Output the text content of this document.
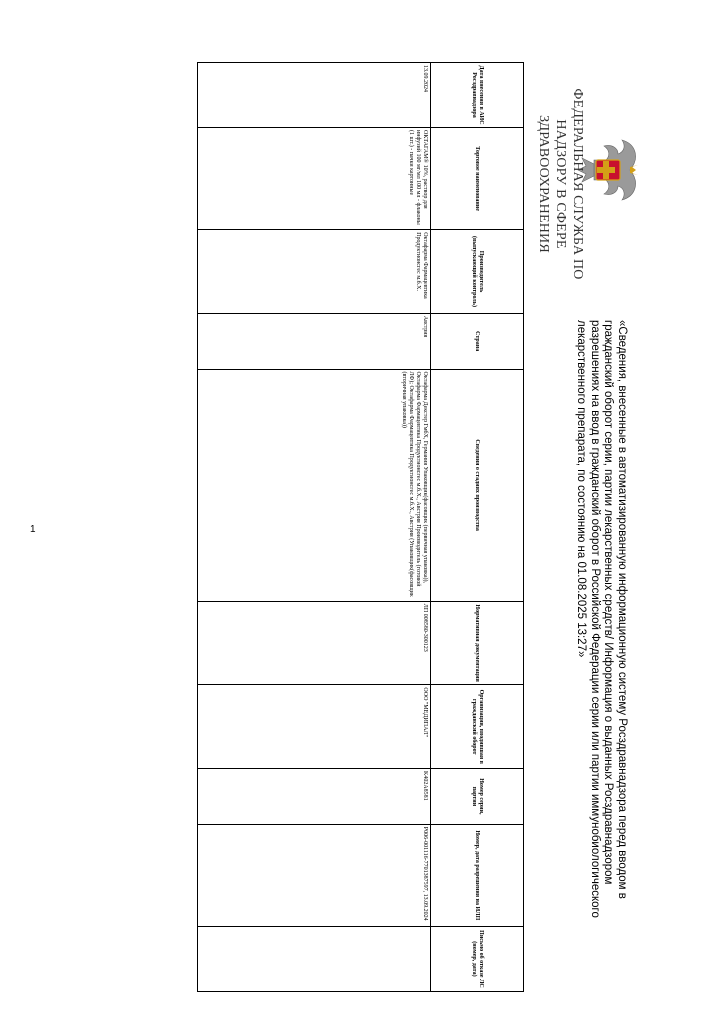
1
ФЕДЕРАЛЬНАЯ СЛУЖБА ПО НАДЗОРУ В СФЕРЕ ЗДРАВООХРАНЕНИЯ
«Сведения, внесенные в автоматизированную информационную систему Росздравнадзора перед вводом в гражданский оборот серии, партии лекарственных средств/ Информация о выданных Росздравнадзором разрешениях на ввод в гражданский оборот в Российской Федерации серии или партии иммунобиологического лекарственного препарата, по состоянию на 01.08.2025 13:27»
Дата внесения в АИС Росздравнадзора	Торговое наименование	Производитель (выпускающий контроль)	Страна	Сведения о стадиях производства	Нормативная документация	Организация, вводившая в гражданский оборот	Номер серии, партии	Номер, дата разрешения на ИЛП	Письмо об отказе ЛС (номер, дата)
13.09.2024	ОКТАГАМ® 10%, раствор для инфузий 100 мг/мл 100 мл - флаконы (1 шт.) - пачки картонные	Октафарма Фармацевтика Продуктионсгес м.б.Х.	Австрия	Октафарма Декстер ГмбХ, Германия Упаковщик(фасовщик (первичная упаковка)), Октафарма Фармацевтика Продуктионсгес м.б.Х., Австрия Производитель (готовой ЛФ); Октафарма Фармацевтика Продуктионсгес м.б.Х., Австрия (Упаковщик(фасовщик (вторичная упаковка))	ЛП 008580-300123	ООО "МЕДИПАЛ"	K402A8581	Р006-001116-7701387597, 13.09.2024	
